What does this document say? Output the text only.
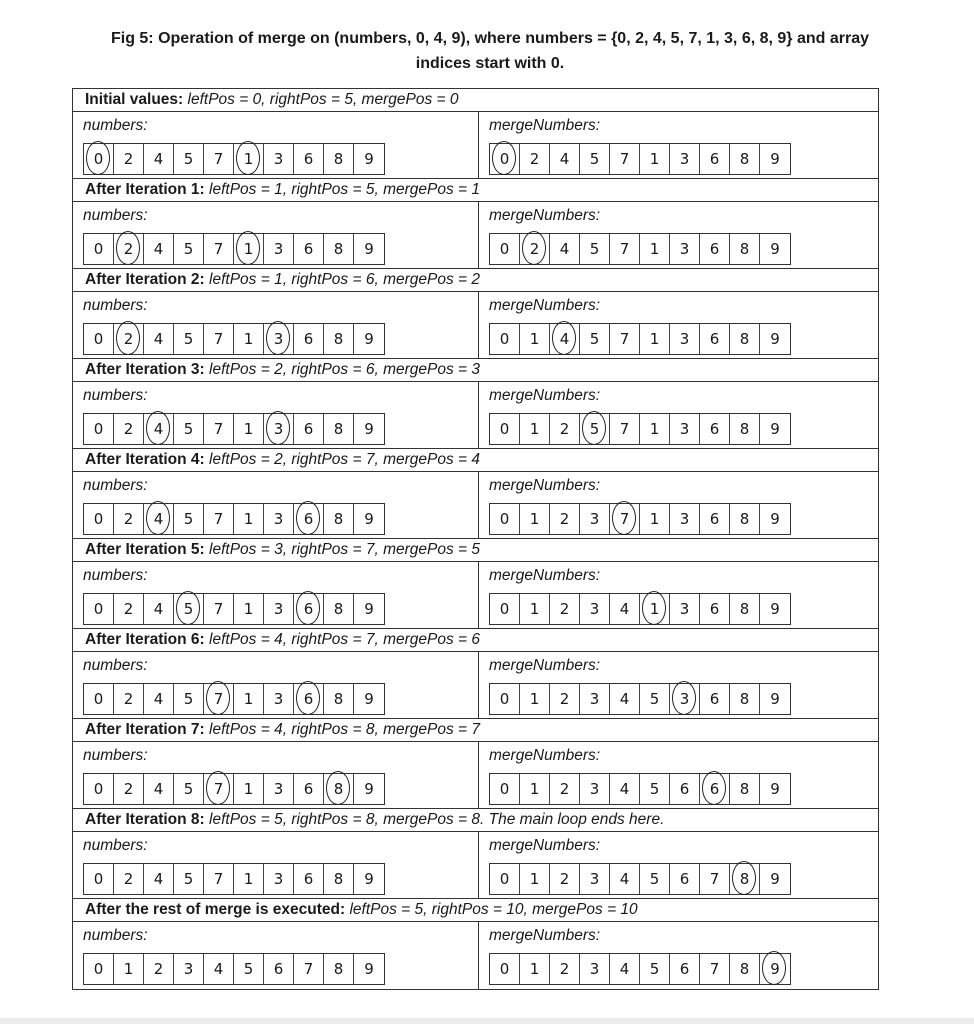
Fig 5: Operation of merge on (numbers, 0, 4, 9), where numbers = {0, 2, 4, 5, 7, 1, 3, 6, 8, 9} and array
indices start with 0.
Initial values: leftPos = 0, rightPos = 5, mergePos = 0
numbers:
0	2	4	5	7	1	3	6	8	9
mergeNumbers:
0	2	4	5	7	1	3	6	8	9
After Iteration 1: leftPos = 1, rightPos = 5, mergePos = 1
numbers:
0	2	4	5	7	1	3	6	8	9
mergeNumbers:
0	2	4	5	7	1	3	6	8	9
After Iteration 2: leftPos = 1, rightPos = 6, mergePos = 2
numbers:
0	2	4	5	7	1	3	6	8	9
mergeNumbers:
0	1	4	5	7	1	3	6	8	9
After Iteration 3: leftPos = 2, rightPos = 6, mergePos = 3
numbers:
0	2	4	5	7	1	3	6	8	9
mergeNumbers:
0	1	2	5	7	1	3	6	8	9
After Iteration 4: leftPos = 2, rightPos = 7, mergePos = 4
numbers:
0	2	4	5	7	1	3	6	8	9
mergeNumbers:
0	1	2	3	7	1	3	6	8	9
After Iteration 5: leftPos = 3, rightPos = 7, mergePos = 5
numbers:
0	2	4	5	7	1	3	6	8	9
mergeNumbers:
0	1	2	3	4	1	3	6	8	9
After Iteration 6: leftPos = 4, rightPos = 7, mergePos = 6
numbers:
0	2	4	5	7	1	3	6	8	9
mergeNumbers:
0	1	2	3	4	5	3	6	8	9
After Iteration 7: leftPos = 4, rightPos = 8, mergePos = 7
numbers:
0	2	4	5	7	1	3	6	8	9
mergeNumbers:
0	1	2	3	4	5	6	6	8	9
After Iteration 8: leftPos = 5, rightPos = 8, mergePos = 8. The main loop ends here.
numbers:
0	2	4	5	7	1	3	6	8	9
mergeNumbers:
0	1	2	3	4	5	6	7	8	9
After the rest of merge is executed: leftPos = 5, rightPos = 10, mergePos = 10
numbers:
0	1	2	3	4	5	6	7	8	9
mergeNumbers:
0	1	2	3	4	5	6	7	8	9
